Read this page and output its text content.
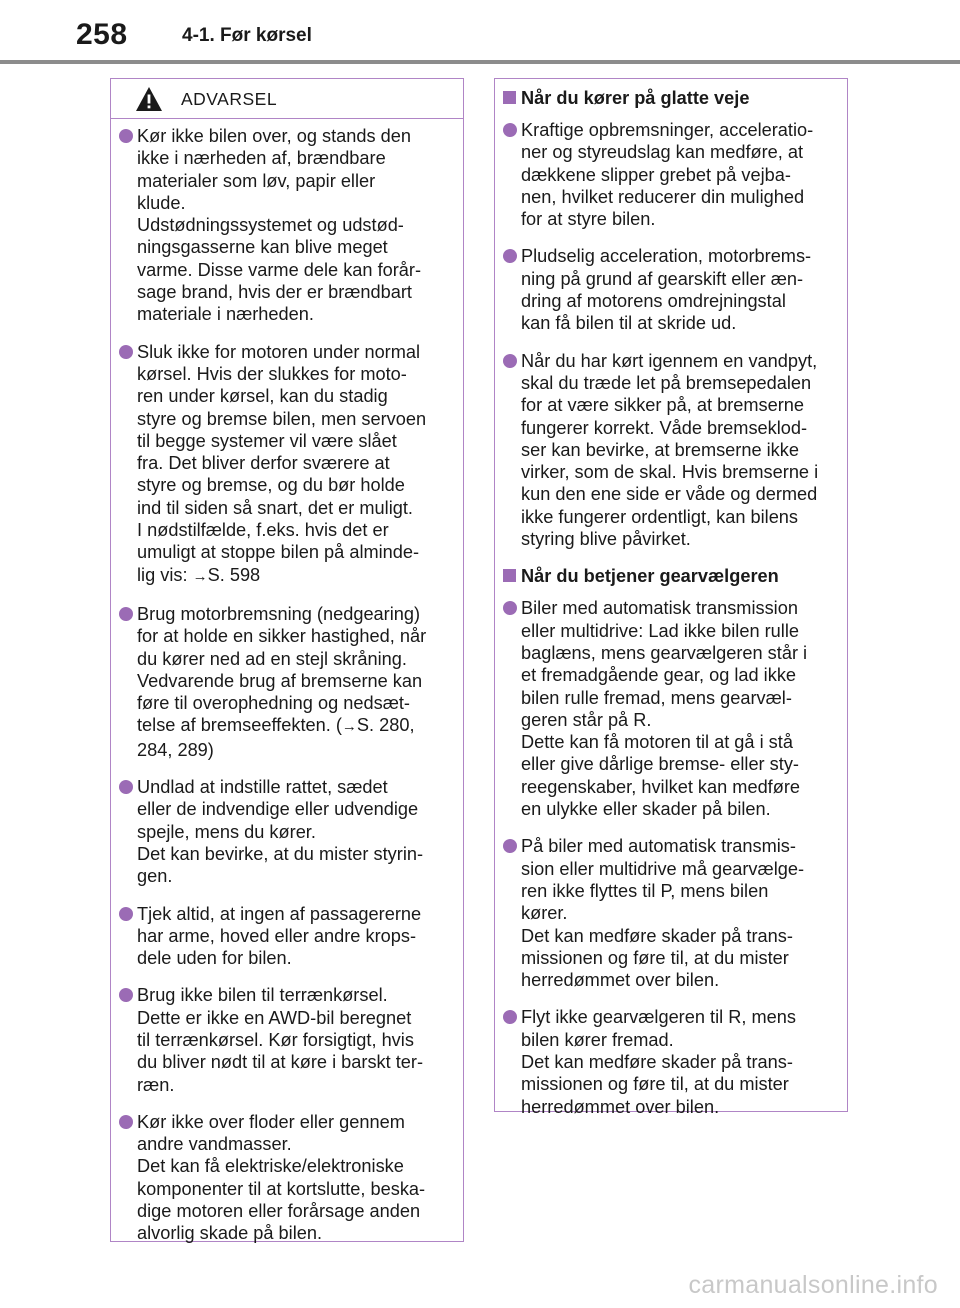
258	4-1. Før kørsel
ADVARSEL
Kør ikke bilen over, og stands den
ikke i nærheden af, brændbare
materialer som løv, papir eller
klude.
Udstødningssystemet og udstød-
ningsgasserne kan blive meget
varme. Disse varme dele kan forår-
sage brand, hvis der er brændbart
materiale i nærheden.
Sluk ikke for motoren under normal
kørsel. Hvis der slukkes for moto-
ren under kørsel, kan du stadig
styre og bremse bilen, men servoen
til begge systemer vil være slået
fra. Det bliver derfor sværere at
styre og bremse, og du bør holde
ind til siden så snart, det er muligt.
I nødstilfælde, f.eks. hvis det er
umuligt at stoppe bilen på alminde-
lig vis: →S. 598
Brug motorbremsning (nedgearing)
for at holde en sikker hastighed, når
du kører ned ad en stejl skråning.
Vedvarende brug af bremserne kan
føre til overophedning og nedsæt-
telse af bremseeffekten. (→S. 280,
284, 289)
Undlad at indstille rattet, sædet
eller de indvendige eller udvendige
spejle, mens du kører.
Det kan bevirke, at du mister styrin-
gen.
Tjek altid, at ingen af passagererne
har arme, hoved eller andre krops-
dele uden for bilen.
Brug ikke bilen til terrænkørsel.
Dette er ikke en AWD-bil beregnet
til terrænkørsel. Kør forsigtigt, hvis
du bliver nødt til at køre i barskt ter-
ræn.
Kør ikke over floder eller gennem
andre vandmasser.
Det kan få elektriske/elektroniske
komponenter til at kortslutte, beska-
dige motoren eller forårsage anden
alvorlig skade på bilen.
Når du kører på glatte veje
Kraftige opbremsninger, acceleratio-
ner og styreudslag kan medføre, at
dækkene slipper grebet på vejba-
nen, hvilket reducerer din mulighed
for at styre bilen.
Pludselig acceleration, motorbrems-
ning på grund af gearskift eller æn-
dring af motorens omdrejningstal
kan få bilen til at skride ud.
Når du har kørt igennem en vandpyt,
skal du træde let på bremsepedalen
for at være sikker på, at bremserne
fungerer korrekt. Våde bremseklod-
ser kan bevirke, at bremserne ikke
virker, som de skal. Hvis bremserne i
kun den ene side er våde og dermed
ikke fungerer ordentligt, kan bilens
styring blive påvirket.
Når du betjener gearvælgeren
Biler med automatisk transmission
eller multidrive: Lad ikke bilen rulle
baglæns, mens gearvælgeren står i
et fremadgående gear, og lad ikke
bilen rulle fremad, mens gearvæl-
geren står på R.
Dette kan få motoren til at gå i stå
eller give dårlige bremse- eller sty-
reegenskaber, hvilket kan medføre
en ulykke eller skader på bilen.
På biler med automatisk transmis-
sion eller multidrive må gearvælge-
ren ikke flyttes til P, mens bilen
kører.
Det kan medføre skader på trans-
missionen og føre til, at du mister
herredømmet over bilen.
Flyt ikke gearvælgeren til R, mens
bilen kører fremad.
Det kan medføre skader på trans-
missionen og føre til, at du mister
herredømmet over bilen.
carmanualsonline.info
